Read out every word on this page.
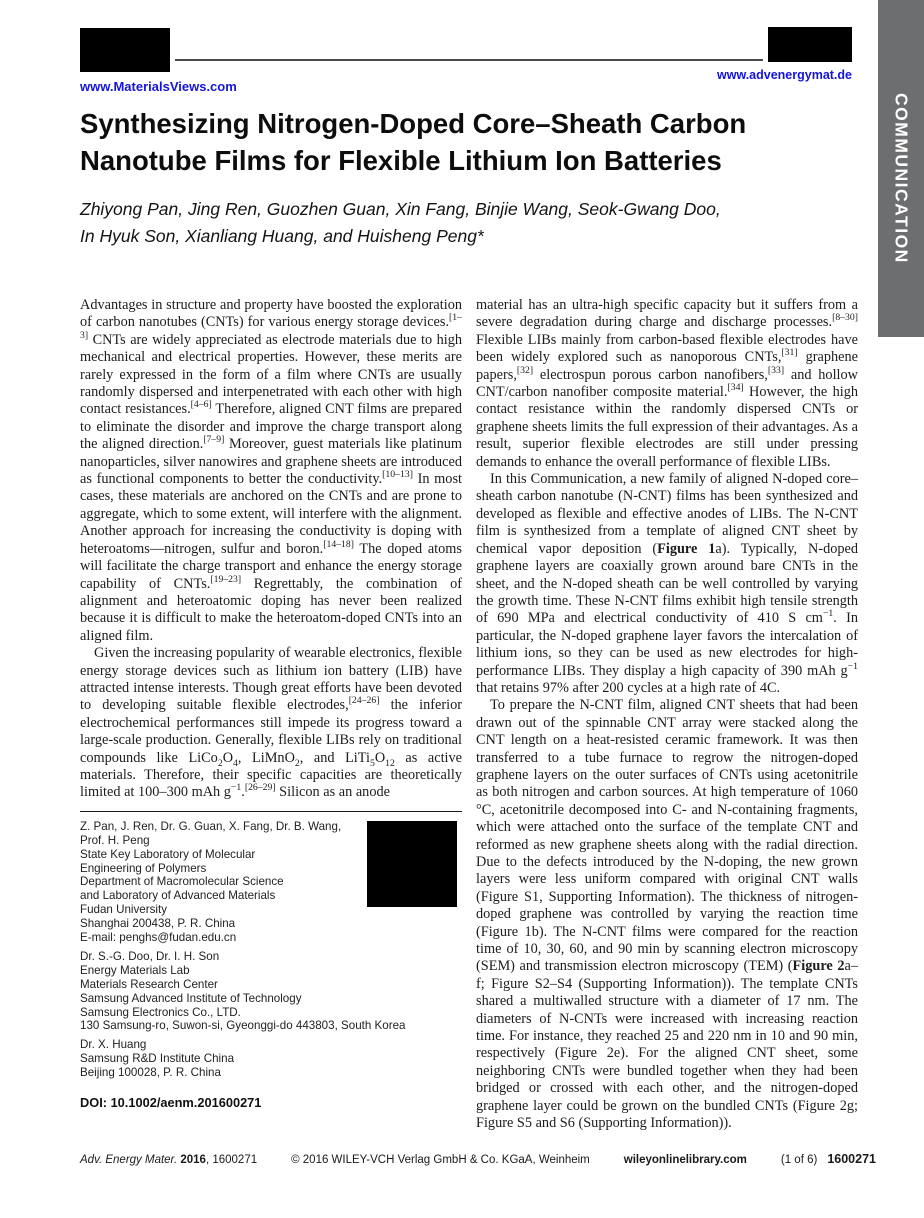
www.MaterialsViews.com
www.advenergymat.de
COMMUNICATION
Synthesizing Nitrogen-Doped Core–Sheath Carbon Nanotube Films for Flexible Lithium Ion Batteries
Zhiyong Pan, Jing Ren, Guozhen Guan, Xin Fang, Binjie Wang, Seok-Gwang Doo,
In Hyuk Son, Xianliang Huang, and Huisheng Peng*

Advantages in structure and property have boosted the exploration of carbon nanotubes (CNTs) for various energy storage devices.[1–3] CNTs are widely appreciated as electrode materials due to high mechanical and electrical properties. However, these merits are rarely expressed in the form of a film where CNTs are usually randomly dispersed and interpenetrated with each other with high contact resistances.[4–6] Therefore, aligned CNT films are prepared to eliminate the disorder and improve the charge transport along the aligned direction.[7–9] Moreover, guest materials like platinum nanoparticles, silver nanowires and graphene sheets are introduced as functional components to better the conductivity.[10–13] In most cases, these materials are anchored on the CNTs and are prone to aggregate, which to some extent, will interfere with the alignment. Another approach for increasing the conductivity is doping with heteroatoms—nitrogen, sulfur and boron.[14–18] The doped atoms will facilitate the charge transport and enhance the energy storage capability of CNTs.[19–23] Regrettably, the combination of alignment and heteroatomic doping has never been realized because it is difficult to make the heteroatom-doped CNTs into an aligned film.

Given the increasing popularity of wearable electronics, flexible energy storage devices such as lithium ion battery (LIB) have attracted intense interests. Though great efforts have been devoted to developing suitable flexible electrodes,[24–26] the inferior electrochemical performances still impede its progress toward a large-scale production. Generally, flexible LIBs rely on traditional compounds like $LiCo_2O_4$, LiMnO$_2$, and $LiTi_5O_{12}$ as active materials. Therefore, their specific capacities are theoretically limited at 100–300 mAh $g^{-1}.[26-29]$ Silicon as an anode

Z. Pan, J. Ren, Dr. G. Guan, X. Fang, Dr. B. Wang,
Prof. H. Peng
State Key Laboratory of Molecular
Engineering of Polymers
Department of Macromolecular Science
and Laboratory of Advanced Materials
Fudan University
Shanghai 200438, P. R. China
E-mail: penghs@fudan.edu.cn
Dr. S.-G. Doo, Dr. I. H. Son
Energy Materials Lab
Materials Research Center
Samsung Advanced Institute of Technology
Samsung Electronics Co., LTD.
130 Samsung-ro, Suwon-si, Gyeonggi-do 443803, South Korea
Dr. X. Huang
Samsung R&D Institute China
Beijing 100028, P. R. China
DOI: 10.1002/aenm.201600271

material has an ultra-high specific capacity but it suffers from a severe degradation during charge and discharge processes.[8–30] Flexible LIBs mainly from carbon-based flexible electrodes have been widely explored such as nanoporous CNTs,[31] graphene papers,[32] electrospun porous carbon nanofibers,[33] and hollow CNT/carbon nanofiber composite material.[34] However, the high contact resistance within the randomly dispersed CNTs or graphene sheets limits the full expression of their advantages. As a result, superior flexible electrodes are still under pressing demands to enhance the overall performance of flexible LIBs.

In this Communication, a new family of aligned N-doped core–sheath carbon nanotube (N-CNT) films has been synthesized and developed as flexible and effective anodes of LIBs. The N-CNT film is synthesized from a template of aligned CNT sheet by chemical vapor deposition (Figure 1a). Typically, N-doped graphene layers are coaxially grown around bare CNTs in the sheet, and the N-doped sheath can be well controlled by varying the growth time. These N-CNT films exhibit high tensile strength of 690 MPa and electrical conductivity of 410 S $cm^{-1}$. In particular, the N-doped graphene layer favors the intercalation of lithium ions, so they can be used as new electrodes for high-performance LIBs. They display a high capacity of 390 mAh $g^{-1}$ that retains 97% after 200 cycles at a high rate of 4C.

To prepare the N-CNT film, aligned CNT sheets that had been drawn out of the spinnable CNT array were stacked along the CNT length on a heat-resisted ceramic framework. It was then transferred to a tube furnace to regrow the nitrogen-doped graphene layers on the outer surfaces of CNTs using acetonitrile as both nitrogen and carbon sources. At high temperature of 1060 °C, acetonitrile decomposed into C- and N-containing fragments, which were attached onto the surface of the template CNT and reformed as new graphene sheets along with the radial direction. Due to the defects introduced by the N-doping, the new grown layers were less uniform compared with original CNT walls (Figure S1, Supporting Information). The thickness of nitrogen-doped graphene was controlled by varying the reaction time (Figure 1b). The N-CNT films were compared for the reaction time of 10, 30, 60, and 90 min by scanning electron microscopy (SEM) and transmission electron microscopy (TEM) (Figure 2a–f; Figure S2–S4 (Supporting Information)). The template CNTs shared a multiwalled structure with a diameter of 17 nm. The diameters of N-CNTs were increased with increasing reaction time. For instance, they reached 25 and 220 nm in 10 and 90 min, respectively (Figure 2e). For the aligned CNT sheet, some neighboring CNTs were bundled together when they had been bridged or crossed with each other, and the nitrogen-doped graphene layer could be grown on the bundled CNTs (Figure 2g; Figure S5 and S6 (Supporting Information)).

Adv. Energy Mater. 2016, 1600271	© 2016 WILEY-VCH Verlag GmbH & Co. KGaA, Weinheim	wileyonlinelibrary.com	(1 of 6) 1600271
